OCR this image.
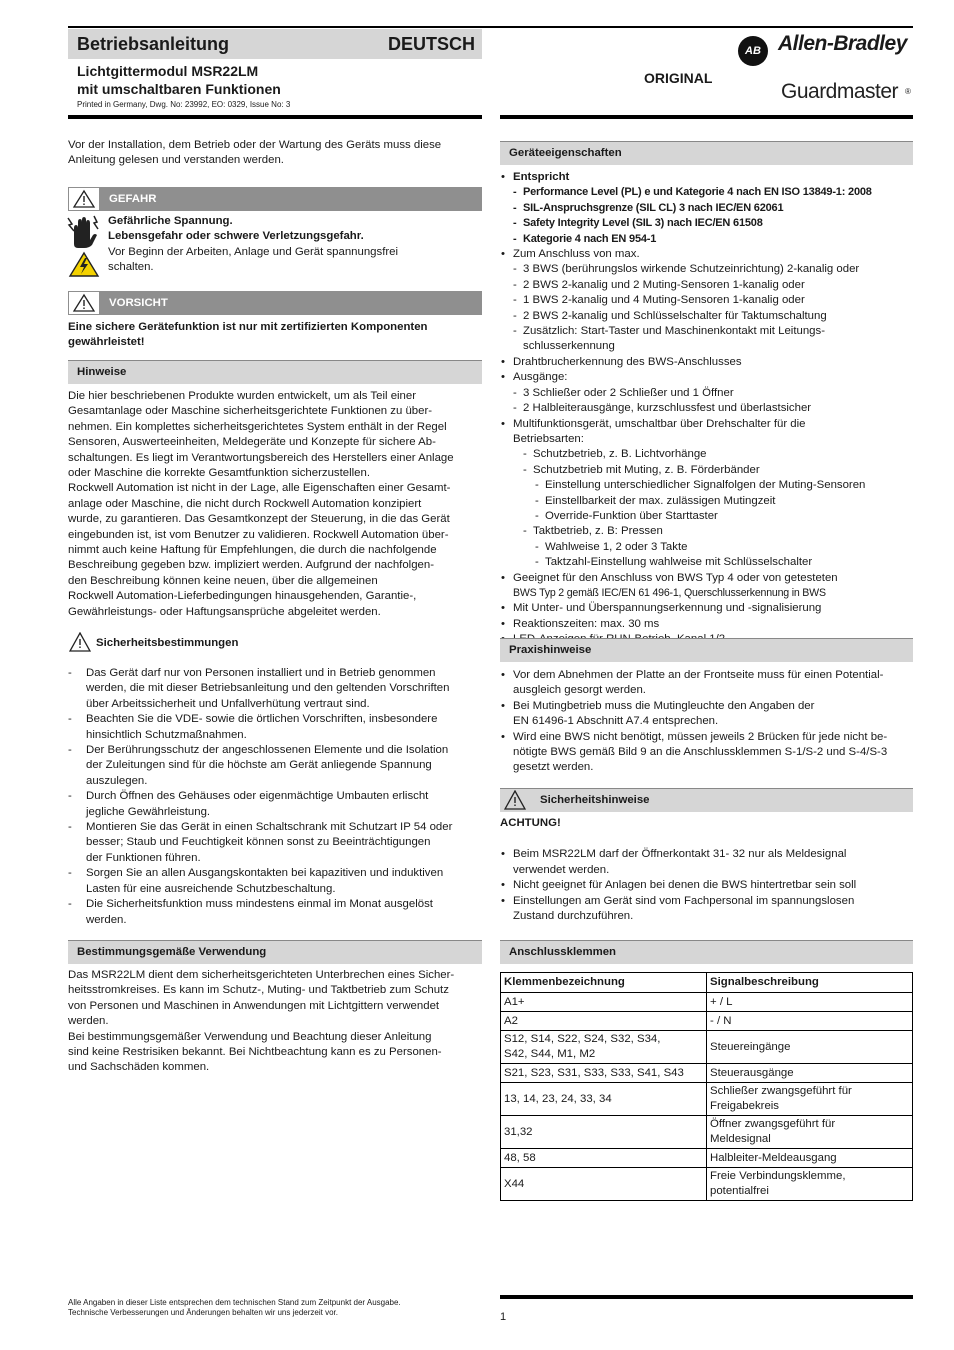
Betriebsanleitung	DEUTSCH
Lichtgittermodul MSR22LM
mit umschaltbaren Funktionen
Printed in Germany, Dwg. No: 23992, EO: 0329, Issue No: 3
ORIGINAL
AB Allen-Bradley
Guardmaster ®
Vor der Installation, dem Betrieb oder der Wartung des Geräts muss diese
Anleitung gelesen und verstanden werden.
GEFAHR
Gefährliche Spannung.
Lebensgefahr oder schwere Verletzungsgefahr.
Vor Beginn der Arbeiten, Anlage und Gerät spannungsfrei
schalten.
VORSICHT
Eine sichere Gerätefunktion ist nur mit zertifizierten Komponenten
gewährleistet!
Hinweise
Die hier beschriebenen Produkte wurden entwickelt, um als Teil einer
Gesamtanlage oder Maschine sicherheitsgerichtete Funktionen zu über-
nehmen. Ein komplettes sicherheitsgerichtetes System enthält in der Regel
Sensoren, Auswerteeinheiten, Meldegeräte und Konzepte für sichere Ab-
schaltungen. Es liegt im Verantwortungsbereich des Herstellers einer Anlage
oder Maschine die korrekte Gesamtfunktion sicherzustellen.
Rockwell Automation ist nicht in der Lage, alle Eigenschaften einer Gesamt-
anlage oder Maschine, die nicht durch Rockwell Automation konzipiert
wurde, zu garantieren. Das Gesamtkonzept der Steuerung, in die das Gerät
eingebunden ist, ist vom Benutzer zu validieren. Rockwell Automation über-
nimmt auch keine Haftung für Empfehlungen, die durch die nachfolgende
Beschreibung gegeben bzw. impliziert werden. Aufgrund der nachfolgen-
den Beschreibung können keine neuen, über die allgemeinen
Rockwell Automation-Lieferbedingungen hinausgehenden, Garantie-,
Gewährleistungs- oder Haftungsansprüche abgeleitet werden.
Sicherheitsbestimmungen
- Das Gerät darf nur von Personen installiert und in Betrieb genommen
werden, die mit dieser Betriebsanleitung und den geltenden Vorschriften
über Arbeitssicherheit und Unfallverhütung vertraut sind.
- Beachten Sie die VDE- sowie die örtlichen Vorschriften, insbesondere
hinsichtlich Schutzmaßnahmen.
- Der Berührungsschutz der angeschlossenen Elemente und die Isolation
der Zuleitungen sind für die höchste am Gerät anliegende Spannung
auszulegen.
- Durch Öffnen des Gehäuses oder eigenmächtige Umbauten erlischt
jegliche Gewährleistung.
- Montieren Sie das Gerät in einen Schaltschrank mit Schutzart IP 54 oder
besser; Staub und Feuchtigkeit können sonst zu Beeinträchtigungen
der Funktionen führen.
- Sorgen Sie an allen Ausgangskontakten bei kapazitiven und induktiven
Lasten für eine ausreichende Schutzbeschaltung.
- Die Sicherheitsfunktion muss mindestens einmal im Monat ausgelöst
werden.
Bestimmungsgemäße Verwendung
Das MSR22LM dient dem sicherheitsgerichteten Unterbrechen eines Sicher-
heitsstromkreises. Es kann im Schutz-, Muting- und Taktbetrieb zum Schutz
von Personen und Maschinen in Anwendungen mit Lichtgittern verwendet
werden.
Bei bestimmungsgemäßer Verwendung und Beachtung dieser Anleitung
sind keine Restrisiken bekannt. Bei Nichtbeachtung kann es zu Personen-
und Sachschäden kommen.
Geräteeigenschaften
• Entspricht
- Performance Level (PL) e und Kategorie 4 nach EN ISO 13849-1: 2008
- SIL-Anspruchsgrenze (SIL CL) 3 nach IEC/EN 62061
- Safety Integrity Level (SIL 3) nach IEC/EN 61508
- Kategorie 4 nach EN 954-1
• Zum Anschluss von max.
- 3 BWS (berührungslos wirkende Schutzeinrichtung) 2-kanalig oder
- 2 BWS 2-kanalig und 2 Muting-Sensoren 1-kanalig oder
- 1 BWS 2-kanalig und 4 Muting-Sensoren 1-kanalig oder
- 2 BWS 2-kanalig und Schlüsselschalter für Taktumschaltung
- Zusätzlich: Start-Taster und Maschinenkontakt mit Leitungs-
schlusserkennung
• Drahtbrucherkennung des BWS-Anschlusses
• Ausgänge:
- 3 Schließer oder 2 Schließer und 1 Öffner
- 2 Halbleiterausgänge, kurzschlussfest und überlastsicher
• Multifunktionsgerät, umschaltbar über Drehschalter für die
Betriebsarten:
- Schutzbetrieb, z. B. Lichtvorhänge
- Schutzbetrieb mit Muting, z. B. Förderbänder
- Einstellung unterschiedlicher Signalfolgen der Muting-Sensoren
- Einstellbarkeit der max. zulässigen Mutingzeit
- Override-Funktion über Starttaster
- Taktbetrieb, z. B: Pressen
- Wahlweise 1, 2 oder 3 Takte
- Taktzahl-Einstellung wahlweise mit Schlüsselschalter
• Geeignet für den Anschluss von BWS Typ 4 oder von getesteten
BWS Typ 2 gemäß IEC/EN 61 496-1, Querschlusserkennung in BWS
• Mit Unter- und Überspannungserkennung und -signalisierung
• Reaktionszeiten: max. 30 ms
•
Praxishinweise
• Vor dem Abnehmen der Platte an der Frontseite muss für einen Potential-
ausgleich gesorgt werden.
• Bei Mutingbetrieb muss die Mutingleuchte den Angaben der
EN 61496-1 Abschnitt A7.4 entsprechen.
• Wird eine BWS nicht benötigt, müssen jeweils 2 Brücken für jede nicht be-
nötigte BWS gemäß Bild 9 an die Anschlussklemmen S-1/S-2 und S-4/S-3
gesetzt werden.
Sicherheitshinweise
ACHTUNG!
• Beim MSR22LM darf der Öffnerkontakt 31- 32 nur als Meldesignal
verwendet werden.
• Nicht geeignet für Anlagen bei denen die BWS hintertretbar sein soll
• Einstellungen am Gerät sind vom Fachpersonal im spannungslosen
Zustand durchzuführen.
Anschlussklemmen
Klemmenbezeichnung	Signalbeschreibung

A1+	+ / L

A2	- / N

S12, S14, S22, S24, S32, S34,
S42, S44, M1, M2	Steuereingänge

S21, S23, S31, S33, S33, S41, S43	Steuerausgänge

13, 14, 23, 24, 33, 34	Schließer zwangsgeführt für
Freigabekreis

31,32	Öffner zwangsgeführt für
Meldesignal

48, 58	Halbleiter-Meldeausgang

X44	Freie Verbindungsklemme,
potentialfrei
Alle Angaben in dieser Liste entsprechen dem technischen Stand zum Zeitpunkt der Ausgabe.
Technische Verbesserungen und Änderungen behalten wir uns jederzeit vor.	1
